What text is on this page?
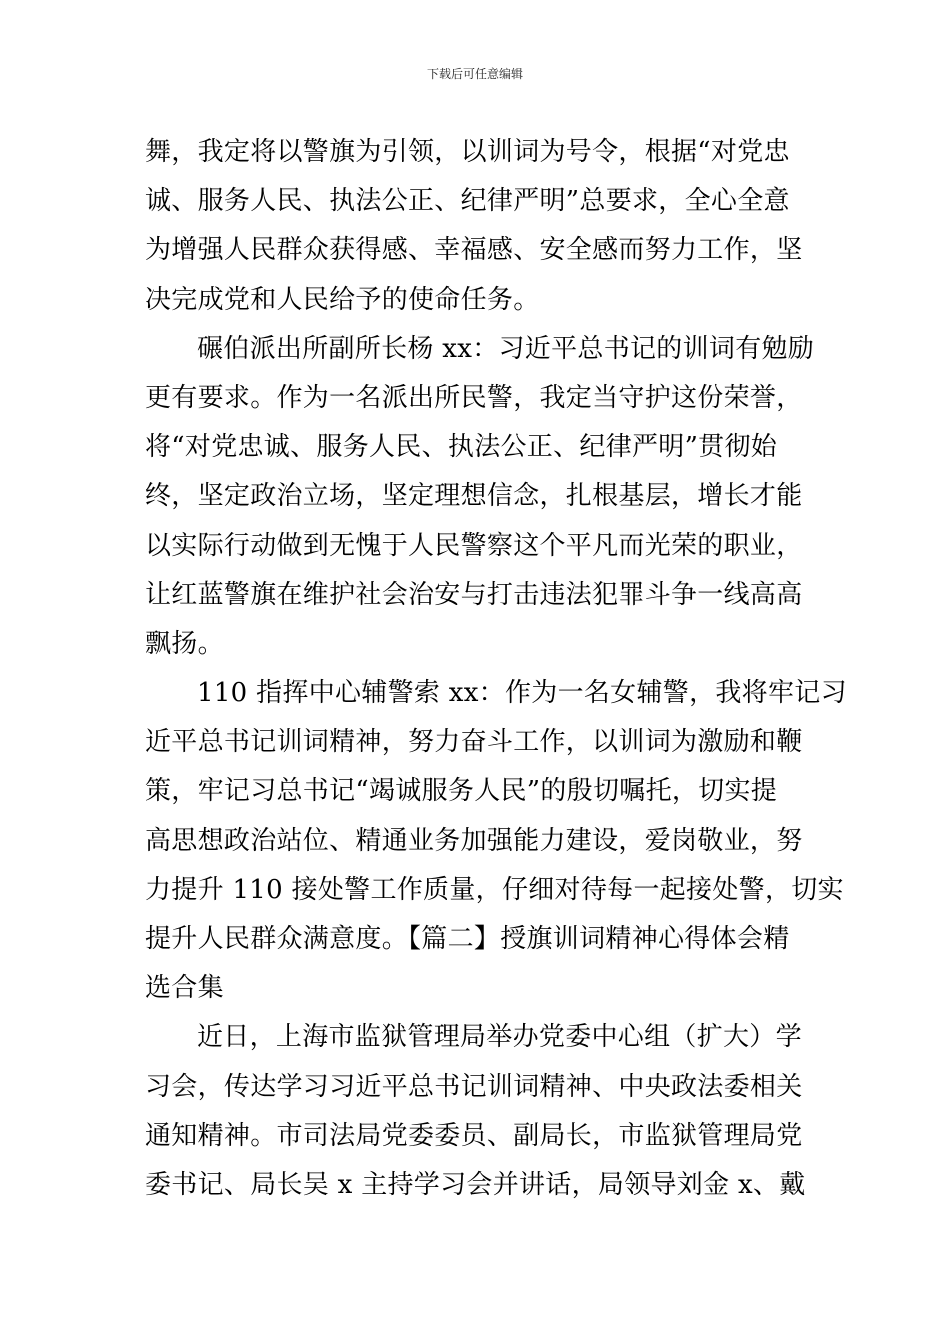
下载后可任意编辑
舞，我定将以警旗为引领，以训词为号令，根据“对党忠
诚、服务人民、执法公正、纪律严明”总要求，全心全意
为增强人民群众获得感、幸福感、安全感而努力工作，坚
决完成党和人民给予的使命任务。
碾伯派出所副所长杨 xx：习近平总书记的训词有勉励
更有要求。作为一名派出所民警，我定当守护这份荣誉，
将“对党忠诚、服务人民、执法公正、纪律严明”贯彻始
终，坚定政治立场，坚定理想信念，扎根基层，增长才能
以实际行动做到无愧于人民警察这个平凡而光荣的职业，
让红蓝警旗在维护社会治安与打击违法犯罪斗争一线高高
飘扬。
110 指挥中心辅警索 xx：作为一名女辅警，我将牢记习
近平总书记训词精神，努力奋斗工作，以训词为激励和鞭
策，牢记习总书记“竭诚服务人民”的殷切嘱托，切实提
高思想政治站位、精通业务加强能力建设，爱岗敬业，努
力提升 110 接处警工作质量，仔细对待每一起接处警，切实
提升人民群众满意度。【篇二】授旗训词精神心得体会精
选合集
近日，上海市监狱管理局举办党委中心组（扩大）学
习会，传达学习习近平总书记训词精神、中央政法委相关
通知精神。市司法局党委委员、副局长，市监狱管理局党
委书记、局长吴 x 主持学习会并讲话，局领导刘金 x、戴
